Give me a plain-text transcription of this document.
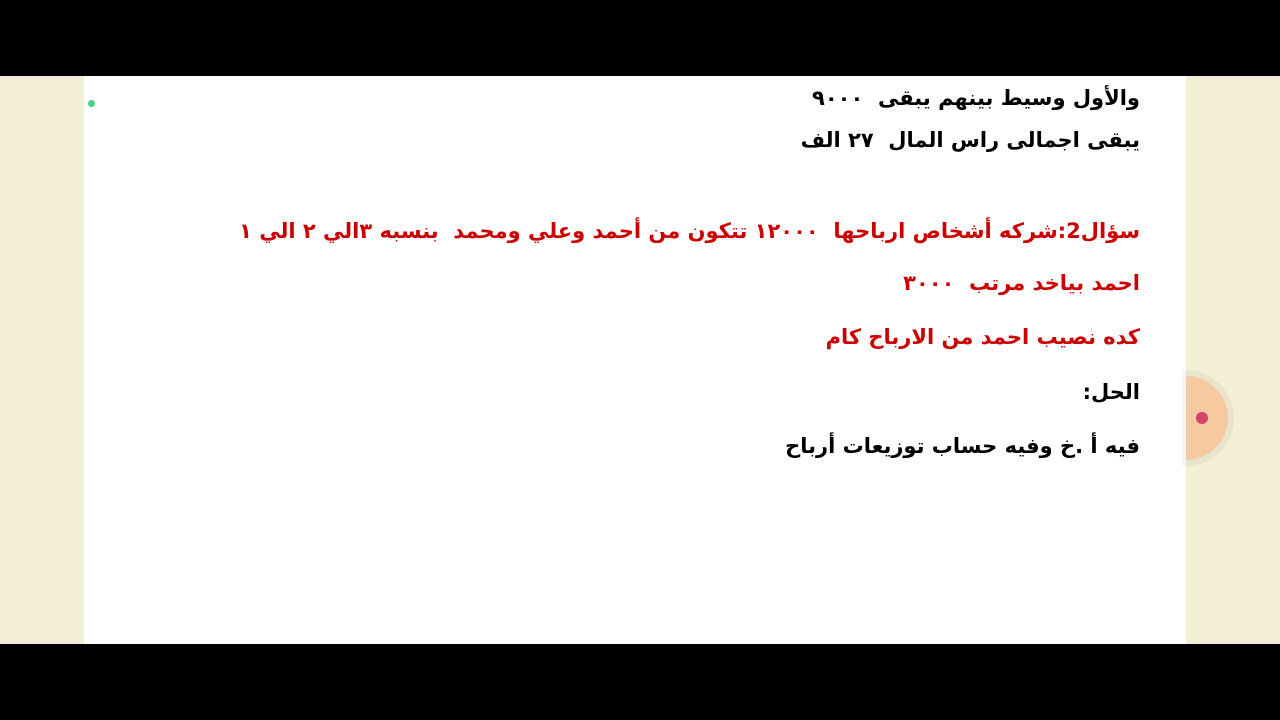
والأول وسيط بينهم يبقى  ٩٠٠٠

يبقى اجمالى راس المال  ٢٧ الف

سؤال2:شركه أشخاص ارباحها  ١٢٠٠٠ تتكون من أحمد وعلي ومحمد  بنسبه ٣الي ٢ الي ١

احمد بياخد مرتب  ٣٠٠٠

كده نصيب احمد من الارباح كام

الحل:

فيه أ .خ وفيه حساب توزيعات أرباح
